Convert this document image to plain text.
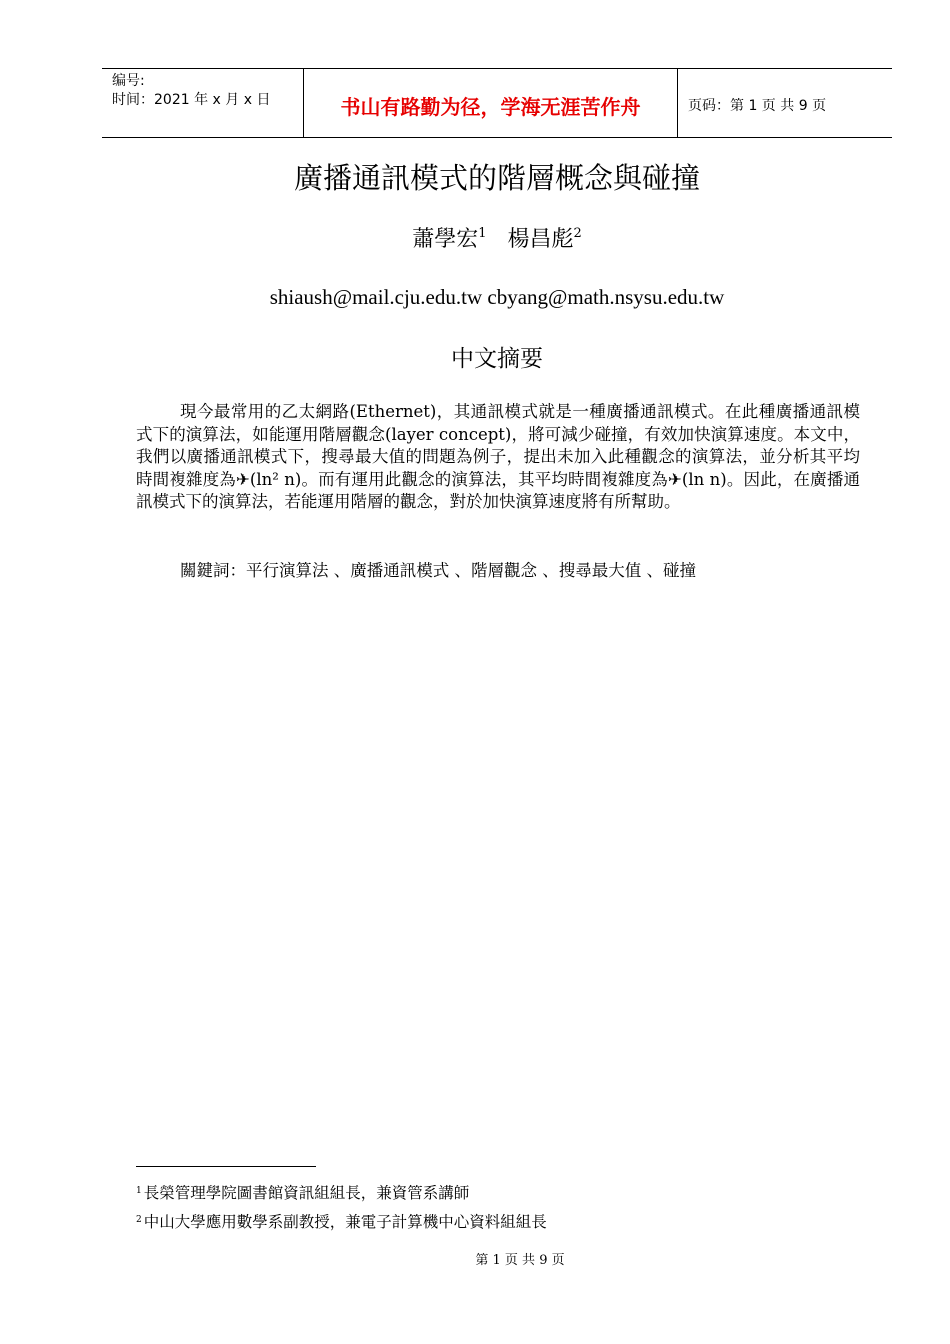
编号:
时间：2021 年 x 月 x 日	书山有路勤为径，学海无涯苦作舟	页码：第 1 页 共 9 页
廣播通訊模式的階層概念與碰撞
蕭學宏$^1$ 楊昌彪$^2$
shiaush@mail.cju.edu.tw cbyang@math.nsysu.edu.tw
中文摘要
現今最常用的乙太網路(Ethernet)，其通訊模式就是一種廣播通訊模式。在此種廣播通訊模式下的演算法，如能運用階層觀念(layer concept)，將可減少碰撞，有效加快演算速度。本文中，我們以廣播通訊模式下，搜尋最大值的問題為例子，提出未加入此種觀念的演算法，並分析其平均時間複雜度為✈(ln² n)。而有運用此觀念的演算法，其平均時間複雜度為✈(ln n)。因此，在廣播通訊模式下的演算法，若能運用階層的觀念，對於加快演算速度將有所幫助。
關鍵詞：平行演算法 、廣播通訊模式 、階層觀念 、搜尋最大值 、碰撞
$^1$ 長榮管理學院圖書館資訊組組長，兼資管系講師
$^2$ 中山大學應用數學系副教授，兼電子計算機中心資料組組長
第 1 页 共 9 页
